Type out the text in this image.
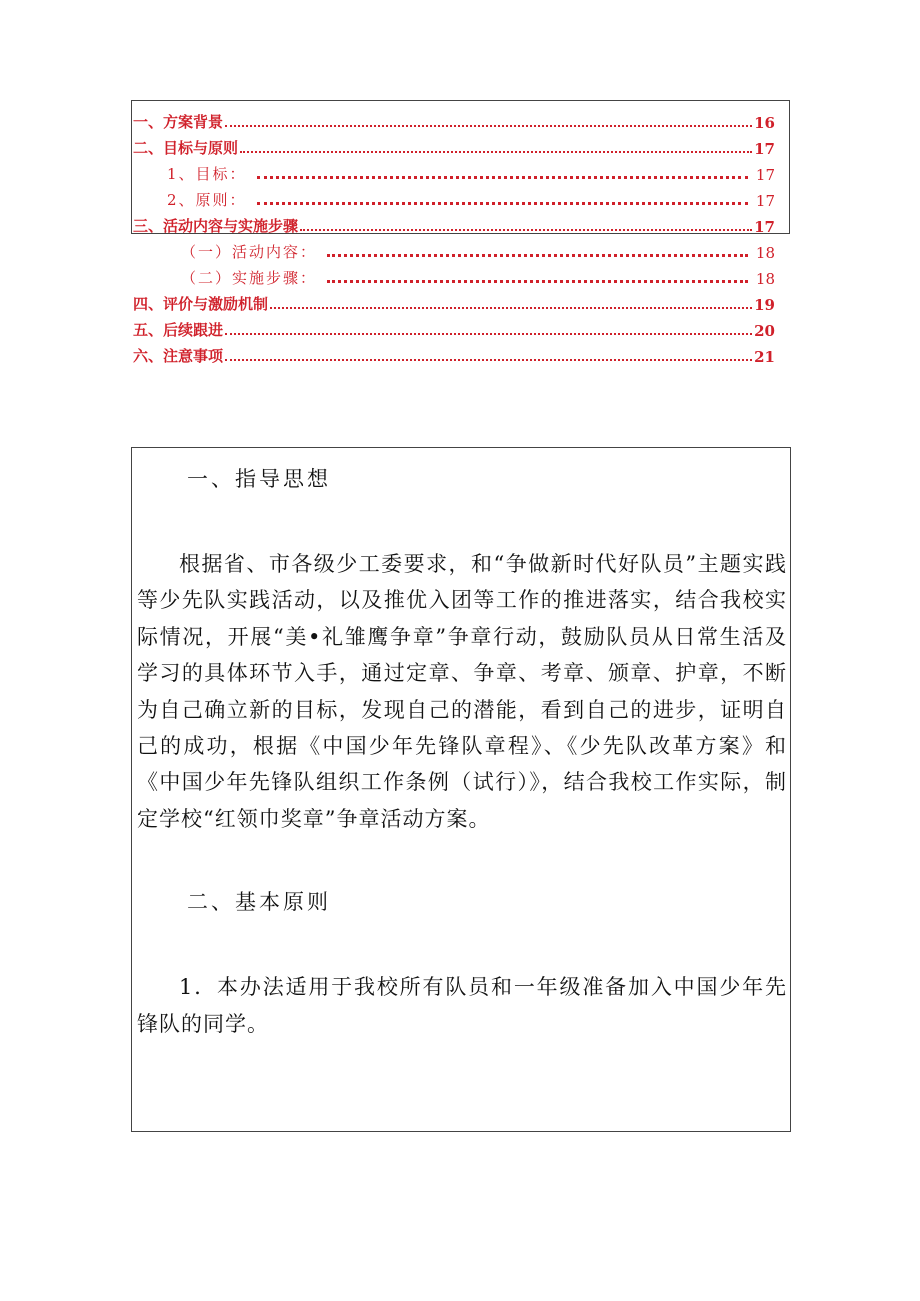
一、方案背景	16
二、目标与原则	17
1、目标：	17
2、原则：	17
三、活动内容与实施步骤	17
（一）活动内容：	18
（二）实施步骤：	18
四、评价与激励机制	19
五、后续跟进	20
六、注意事项	21
一、指导思想

根据省、市各级少工委要求，和“争做新时代好队员”主题实践等少先队实践活动，以及推优入团等工作的推进落实，结合我校实际情况，开展“美•礼雏鹰争章”争章行动，鼓励队员从日常生活及学习的具体环节入手，通过定章、争章、考章、颁章、护章，不断为自己确立新的目标，发现自己的潜能，看到自己的进步，证明自己的成功，根据《中国少年先锋队章程》、《少先队改革方案》和《中国少年先锋队组织工作条例（试行）》，结合我校工作实际，制定学校“红领巾奖章”争章活动方案。

二、基本原则

1．本办法适用于我校所有队员和一年级准备加入中国少年先锋队的同学。
